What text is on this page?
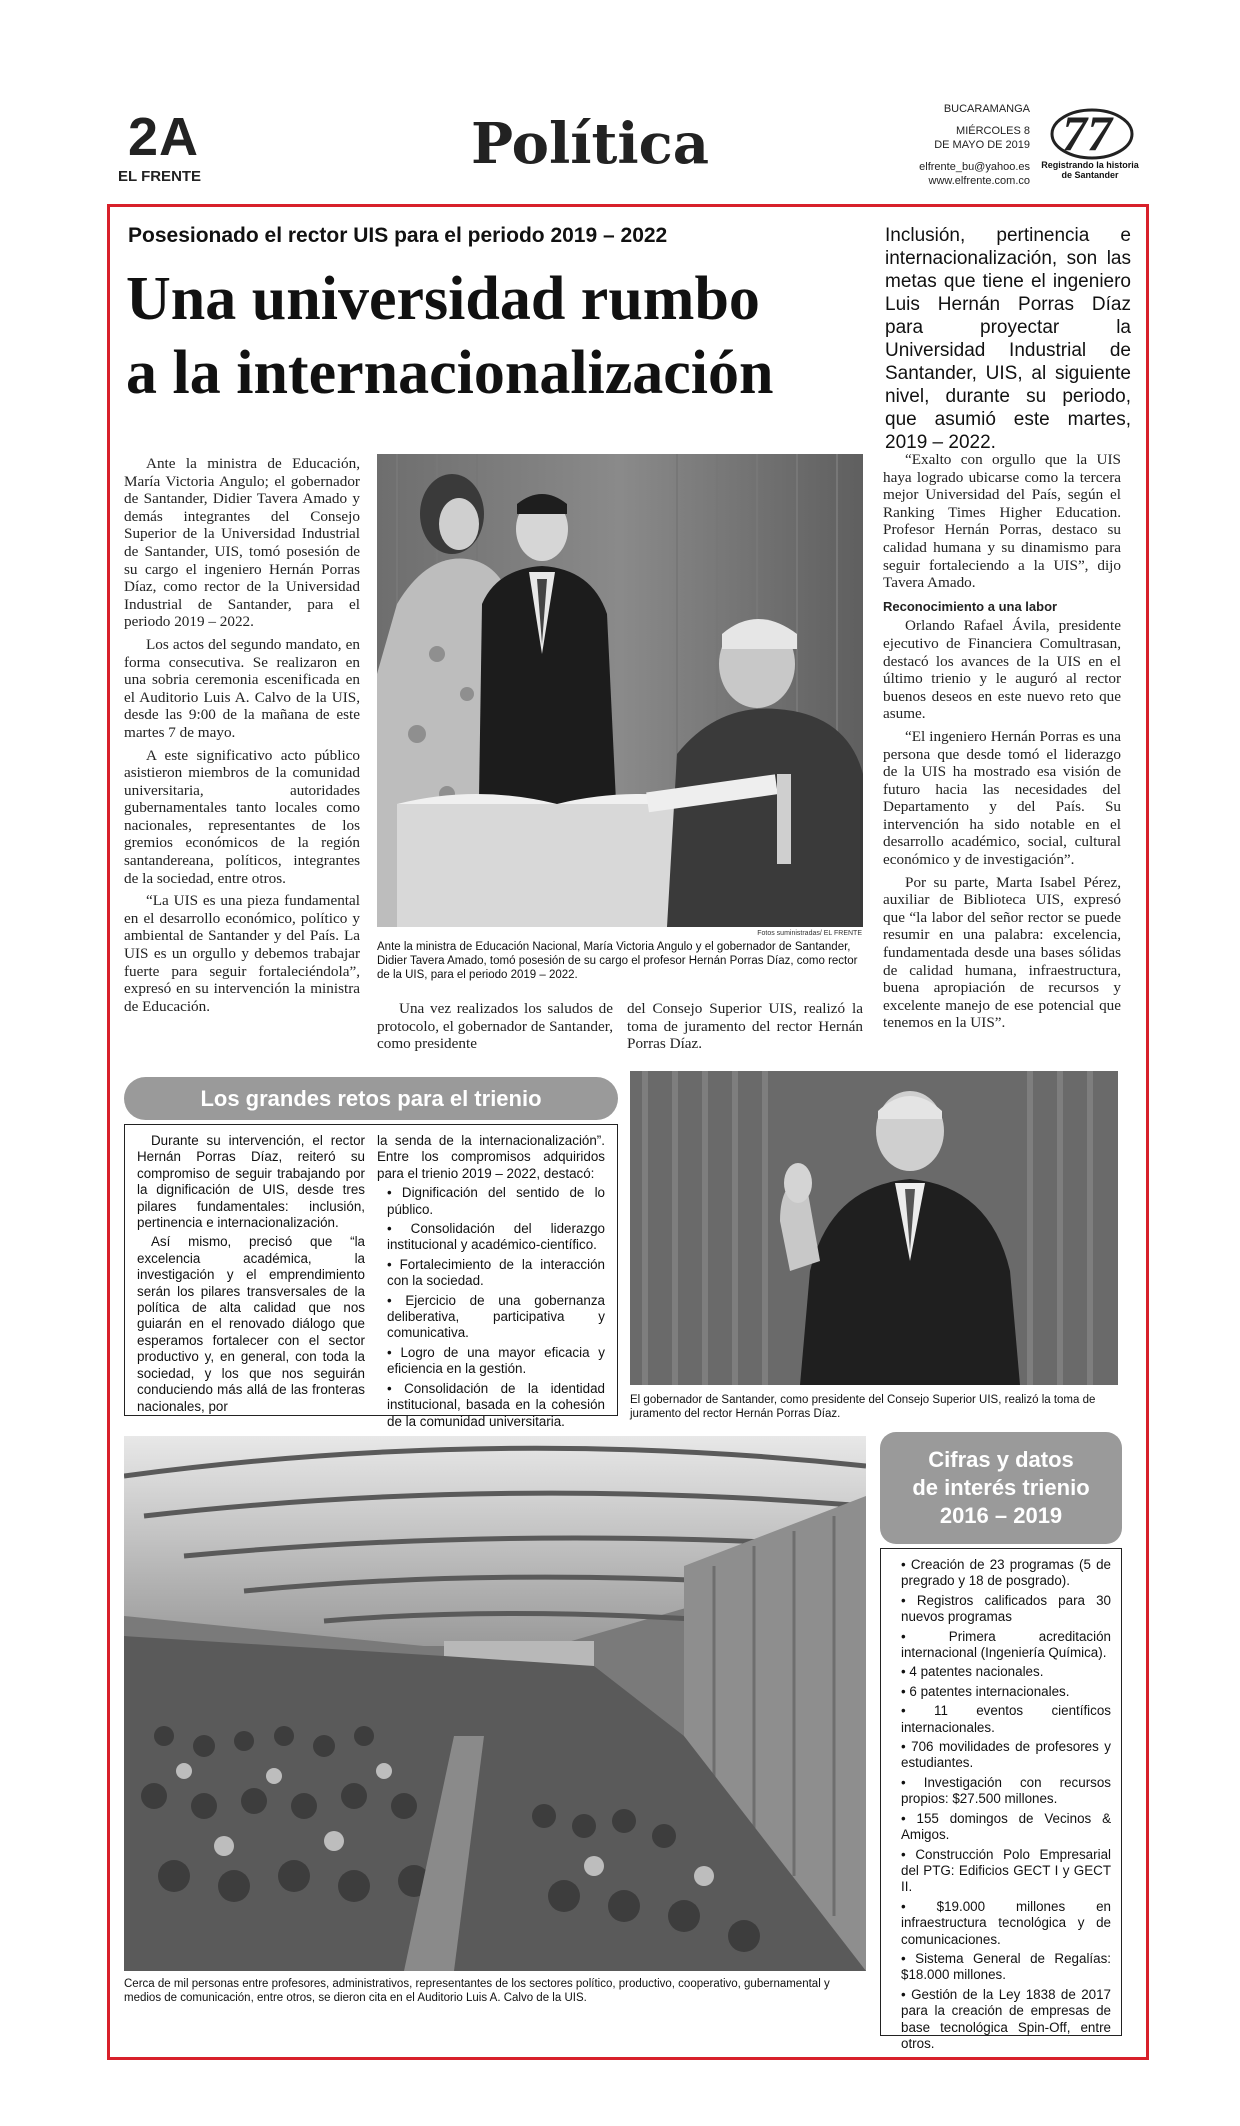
2A
EL FRENTE	Política
BUCARAMANGA
MIÉRCOLES 8
DE MAYO DE 2019
elfrente_bu@yahoo.es
www.elfrente.com.co
77
Registrando la historia de Santander
Posesionado el rector UIS para el periodo 2019 – 2022
Una universidad rumbo
a la internacionalización
Inclusión, pertinencia e internacionalización, son las metas que tiene el ingeniero Luis Hernán Porras Díaz para proyectar la Universidad Industrial de Santander, UIS, al siguiente nivel, durante su periodo, que asumió este martes, 2019 – 2022.

Ante la ministra de Educación, María Victoria Angulo; el gobernador de Santander, Didier Tavera Amado y demás integrantes del Consejo Superior de la Universidad Industrial de Santander, UIS, tomó posesión de su cargo el ingeniero Hernán Porras Díaz, como rector de la Universidad Industrial de Santander, para el periodo 2019 – 2022.

Los actos del segundo mandato, en forma consecutiva. Se realizaron en una sobria ceremonia escenificada en el Auditorio Luis A. Calvo de la UIS, desde las 9:00 de la mañana de este martes 7 de mayo.

A este significativo acto público asistieron miembros de la comunidad universitaria, autoridades gubernamentales tanto locales como nacionales, representantes de los gremios económicos de la región santandereana, políticos, integrantes de la sociedad, entre otros.

“La UIS es una pieza fundamental en el desarrollo económico, político y ambiental de Santander y del País. La UIS es un orgullo y debemos trabajar fuerte para seguir fortaleciéndola”, expresó en su intervención la ministra de Educación.

Fotos suministradas/ EL FRENTE
Ante la ministra de Educación Nacional, María Victoria Angulo y el gobernador de Santander, Didier Tavera Amado, tomó posesión de su cargo el profesor Hernán Porras Díaz, como rector de la UIS, para el periodo 2019 – 2022.

Una vez realizados los saludos de protocolo, el gobernador de Santander, como presidente

del Consejo Superior UIS, realizó la toma de juramento del rector Hernán Porras Díaz.

“Exalto con orgullo que la UIS haya logrado ubicarse como la tercera mejor Universidad del País, según el Ranking Times Higher Education. Profesor Hernán Porras, destaco su calidad humana y su dinamismo para seguir fortaleciendo a la UIS”, dijo Tavera Amado.

Reconocimiento a una labor

Orlando Rafael Ávila, presidente ejecutivo de Financiera Comultrasan, destacó los avances de la UIS en el último trienio y le auguró al rector buenos deseos en este nuevo reto que asume.

“El ingeniero Hernán Porras es una persona que desde tomó el liderazgo de la UIS ha mostrado esa visión de futuro hacia las necesidades del Departamento y del País. Su intervención ha sido notable en el desarrollo académico, social, cultural económico y de investigación”.

Por su parte, Marta Isabel Pérez, auxiliar de Biblioteca UIS, expresó que “la labor del señor rector se puede resumir en una palabra: excelencia, fundamentada desde una bases sólidas de calidad humana, infraestructura, buena apropiación de recursos y excelente manejo de ese potencial que tenemos en la UIS”.

Los grandes retos para el trienio

Durante su intervención, el rector Hernán Porras Díaz, reiteró su compromiso de seguir trabajando por la dignificación de UIS, desde tres pilares fundamentales: inclusión, pertinencia e internacionalización.

Así mismo, precisó que “la excelencia académica, la investigación y el emprendimiento serán los pilares transversales de la política de alta calidad que nos guiarán en el renovado diálogo que esperamos fortalecer con el sector productivo y, en general, con toda la sociedad, y los que nos seguirán conduciendo más allá de las fronteras nacionales, por

la senda de la internacionalización”. Entre los compromisos adquiridos para el trienio 2019 – 2022, destacó:

• Dignificación del sentido de lo público.

• Consolidación del liderazgo institucional y académico-científico.

• Fortalecimiento de la interacción con la sociedad.

• Ejercicio de una gobernanza deliberativa, participativa y comunicativa.

• Logro de una mayor eficacia y eficiencia en la gestión.

• Consolidación de la identidad institucional, basada en la cohesión de la comunidad universitaria.

El gobernador de Santander, como presidente del Consejo Superior UIS, realizó la toma de juramento del rector Hernán Porras Díaz.
Cerca de mil personas entre profesores, administrativos, representantes de los sectores político, productivo, cooperativo, gubernamental y medios de comunicación, entre otros, se dieron cita en el Auditorio Luis A. Calvo de la UIS.
Cifras y datos
de interés trienio
2016 – 2019

• Creación de 23 programas (5 de pregrado y 18 de posgrado).

• Registros calificados para 30 nuevos programas

• Primera acreditación internacional (Ingeniería Química).

• 4 patentes nacionales.

• 6 patentes internacionales.

• 11 eventos científicos internacionales.

• 706 movilidades de profesores y estudiantes.

• Investigación con recursos propios: $27.500 millones.

• 155 domingos de Vecinos & Amigos.

• Construcción Polo Empresarial del PTG: Edificios GECT I y GECT II.

• $19.000 millones en infraestructura tecnológica y de comunicaciones.

• Sistema General de Regalías: $18.000 millones.

• Gestión de la Ley 1838 de 2017 para la creación de empresas de base tecnológica Spin-Off, entre otros.
